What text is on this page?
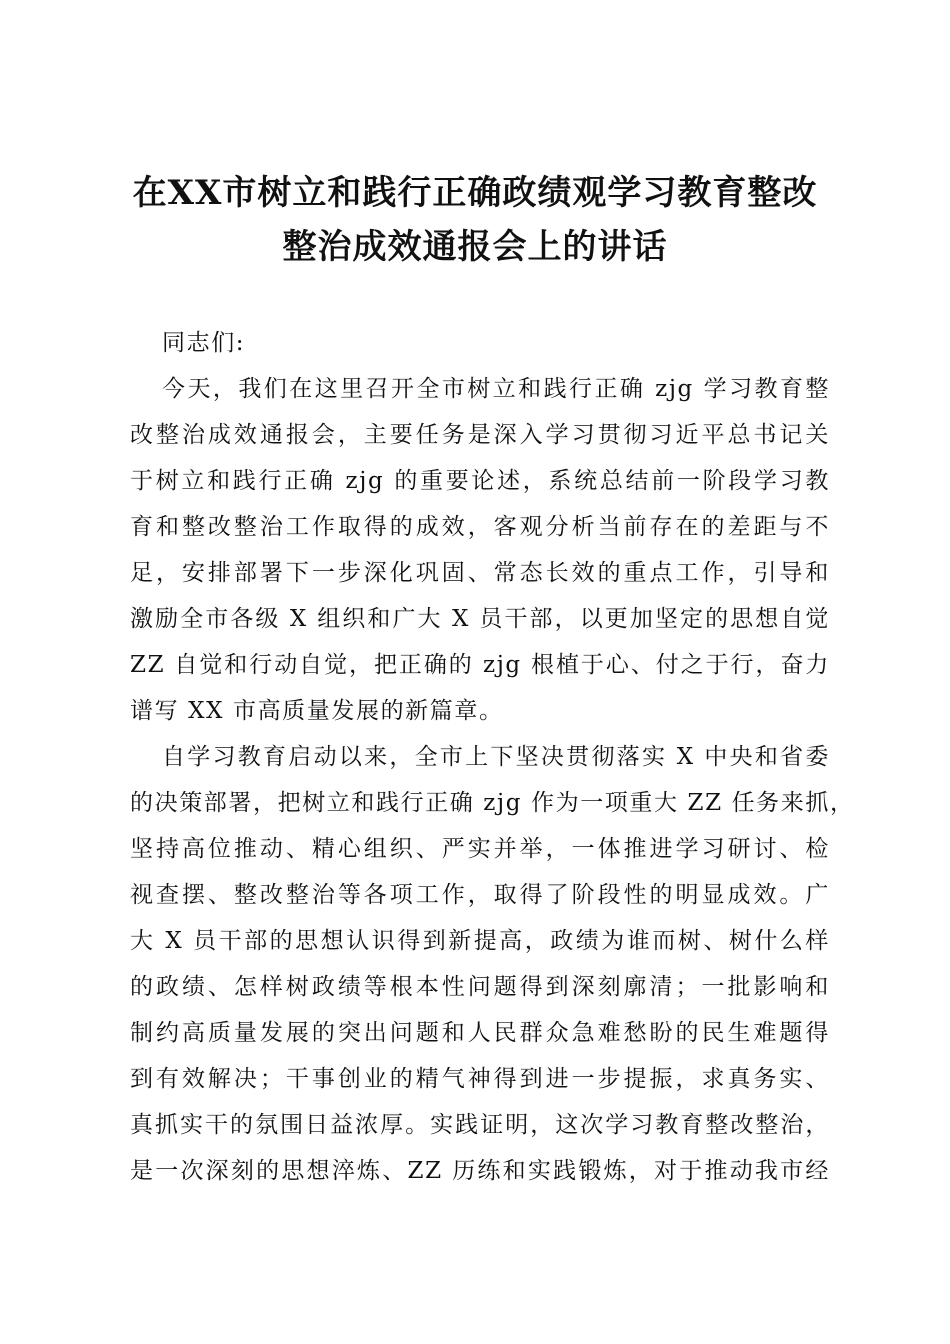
在XX市树立和践行正确政绩观学习教育整改
整治成效通报会上的讲话

同志们:

今天，我们在这里召开全市树立和践行正确 zjg 学习教育整
改整治成效通报会，主要任务是深入学习贯彻习近平总书记关
于树立和践行正确 zjg 的重要论述，系统总结前一阶段学习教
育和整改整治工作取得的成效，客观分析当前存在的差距与不
足，安排部署下一步深化巩固、常态长效的重点工作，引导和
激励全市各级 X 组织和广大 X 员干部，以更加坚定的思想自觉
ZZ 自觉和行动自觉，把正确的 zjg 根植于心、付之于行，奋力
谱写 XX 市高质量发展的新篇章。

自学习教育启动以来，全市上下坚决贯彻落实 X 中央和省委
的决策部署，把树立和践行正确 zjg 作为一项重大 ZZ 任务来抓，
坚持高位推动、精心组织、严实并举，一体推进学习研讨、检
视查摆、整改整治等各项工作，取得了阶段性的明显成效。广
大 X 员干部的思想认识得到新提高，政绩为谁而树、树什么样
的政绩、怎样树政绩等根本性问题得到深刻廓清；一批影响和
制约高质量发展的突出问题和人民群众急难愁盼的民生难题得
到有效解决；干事创业的精气神得到进一步提振，求真务实、
真抓实干的氛围日益浓厚。实践证明，这次学习教育整改整治，
是一次深刻的思想淬炼、ZZ 历练和实践锻炼，对于推动我市经
